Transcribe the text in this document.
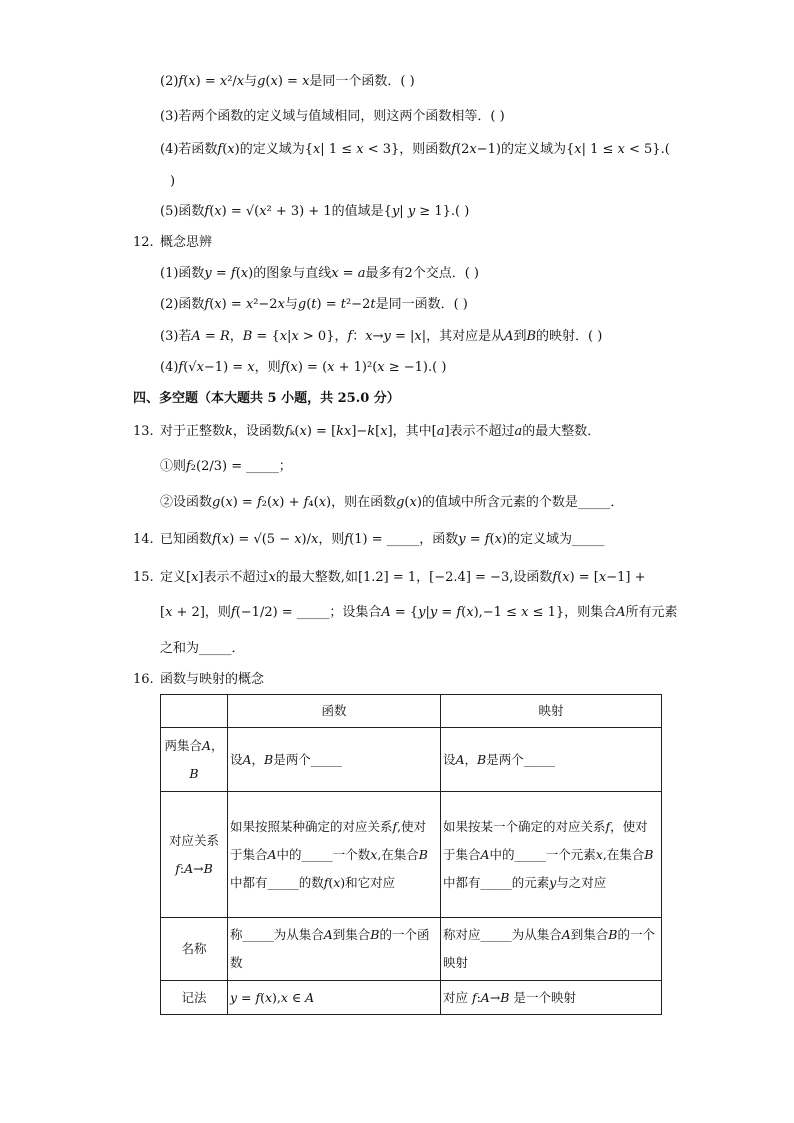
(2)𝑓(𝑥) = 𝑥²/𝑥与𝑔(𝑥) = 𝑥是同一个函数．( )
(3)若两个函数的定义域与值域相同，则这两个函数相等．( )
(4)若函数𝑓(𝑥)的定义域为{𝑥| 1 ≤ 𝑥 < 3}，则函数𝑓(2𝑥−1)的定义域为{𝑥| 1 ≤ 𝑥 < 5}.(
)
(5)函数𝑓(𝑥) = √(𝑥² + 3) + 1的值域是{𝑦| 𝑦 ≥ 1}.( )
12. 概念思辨
(1)函数𝑦 = 𝑓(𝑥)的图象与直线𝑥 = 𝑎最多有2个交点．( )
(2)函数𝑓(𝑥) = 𝑥²−2𝑥与𝑔(𝑡) = 𝑡²−2𝑡是同一函数．( )
(3)若𝐴 = 𝑅，𝐵 = {𝑥|𝑥 > 0}，𝑓：𝑥→𝑦 = |𝑥|，其对应是从𝐴到𝐵的映射．( )
(4)𝑓(√𝑥−1) = 𝑥，则𝑓(𝑥) = (𝑥 + 1)²(𝑥 ≥ −1).( )
四、多空题（本大题共 5 小题，共 25.0 分）
13. 对于正整数𝑘，设函数𝑓ₖ(𝑥) = [𝑘𝑥]−𝑘[𝑥]，其中[𝑎]表示不超过𝑎的最大整数．
①则𝑓₂(2/3) = _____；
②设函数𝑔(𝑥) = 𝑓₂(𝑥) + 𝑓₄(𝑥)，则在函数𝑔(𝑥)的值域中所含元素的个数是_____．
14. 已知函数𝑓(𝑥) = √(5 − 𝑥)/𝑥，则𝑓(1) = _____，函数𝑦 = 𝑓(𝑥)的定义域为_____
15. 定义[𝑥]表示不超过𝑥的最大整数,如[1.2] = 1，[−2.4] = −3,设函数𝑓(𝑥) = [𝑥−1] +
[𝑥 + 2]，则𝑓(−1/2) = _____；设集合𝐴 = {𝑦|𝑦 = 𝑓(𝑥),−1 ≤ 𝑥 ≤ 1}，则集合𝐴所有元素
之和为_____．
16. 函数与映射的概念
	函数	映射
两集合𝐴，𝐵	设𝐴，𝐵是两个_____	设𝐴，𝐵是两个_____
对应关系𝑓:𝐴→𝐵	如果按照某种确定的对应关系𝑓,使对于集合𝐴中的_____一个数𝑥,在集合𝐵中都有_____的数𝑓(𝑥)和它对应	如果按某一个确定的对应关系𝑓，使对于集合𝐴中的_____一个元素𝑥,在集合𝐵中都有_____的元素𝑦与之对应
名称	称_____为从集合𝐴到集合𝐵的一个函数	称对应_____为从集合𝐴到集合𝐵的一个映射
记法	𝑦 = 𝑓(𝑥),𝑥 ∈ 𝐴	对应 𝑓:𝐴→𝐵 是一个映射
